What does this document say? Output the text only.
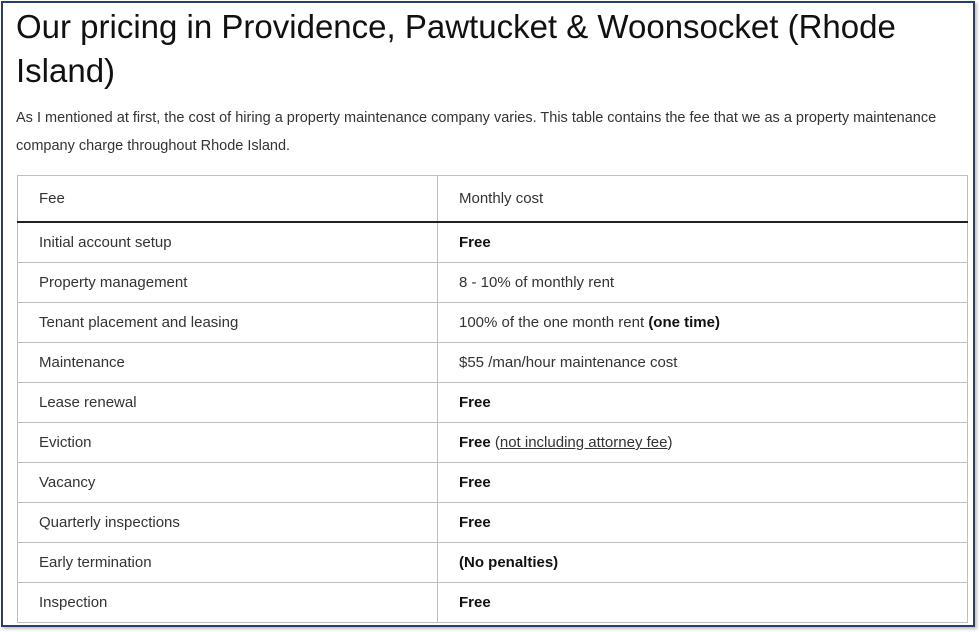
Our pricing in Providence, Pawtucket & Woonsocket (Rhode Island)

As I mentioned at first, the cost of hiring a property maintenance company varies. This table contains the fee that we as a property maintenance company charge throughout Rhode Island.

Fee	Monthly cost
Initial account setup	Free
Property management	8 - 10% of monthly rent
Tenant placement and leasing	100% of the one month rent (one time)
Maintenance	$55 /man/hour maintenance cost
Lease renewal	Free
Eviction	Free (not including attorney fee)
Vacancy	Free
Quarterly inspections	Free
Early termination	(No penalties)
Inspection	Free
